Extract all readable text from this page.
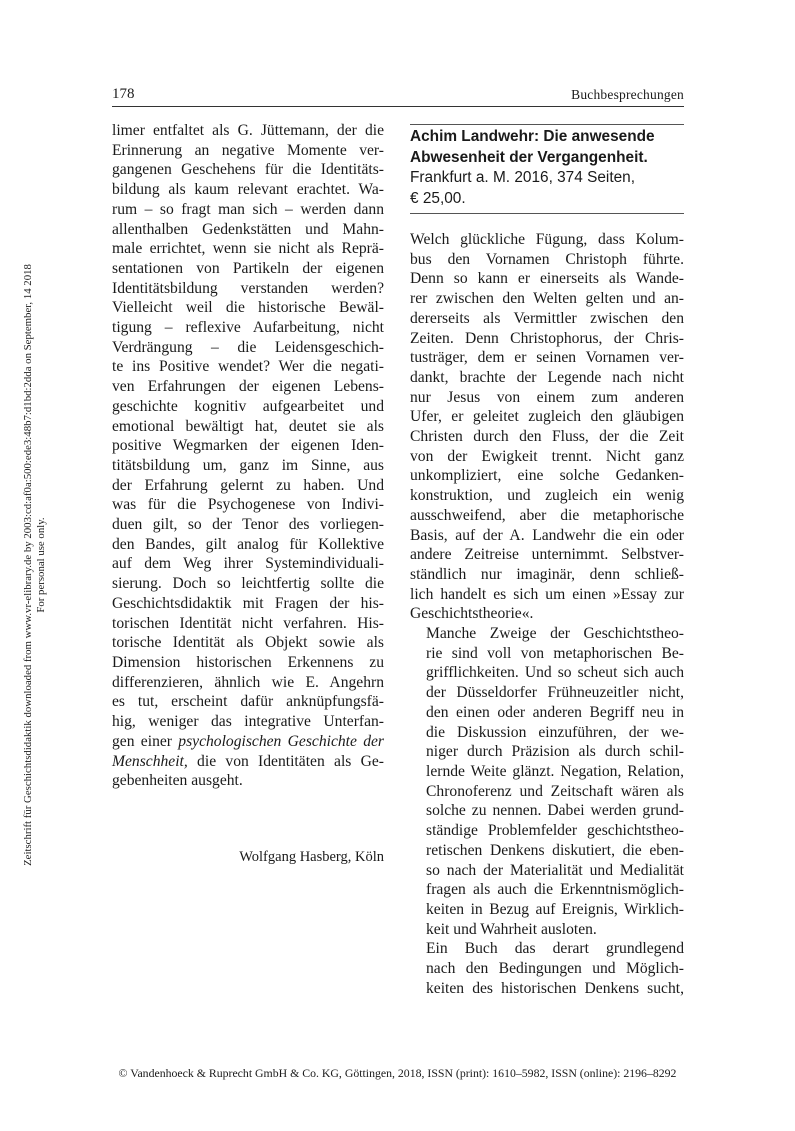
178	Buchbesprechungen

limer entfaltet als G. Jüttemann, der die
Erinnerung an negative Momente ver-
gangenen Geschehens für die Identitäts-
bildung als kaum relevant erachtet. Wa-
rum – so fragt man sich – werden dann
allenthalben Gedenkstätten und Mahn-
male errichtet, wenn sie nicht als Reprä-
sentationen von Partikeln der eigenen
Identitätsbildung verstanden werden?
Vielleicht weil die historische Bewäl-
tigung – reflexive Aufarbeitung, nicht
Verdrängung – die Leidensgeschich-
te ins Positive wendet? Wer die negati-
ven Erfahrungen der eigenen Lebens-
geschichte kognitiv aufgearbeitet und
emotional bewältigt hat, deutet sie als
positive Wegmarken der eigenen Iden-
titätsbildung um, ganz im Sinne, aus
der Erfahrung gelernt zu haben. Und
was für die Psychogenese von Indivi-
duen gilt, so der Tenor des vorliegen-
den Bandes, gilt analog für Kollektive
auf dem Weg ihrer Systemindividuali-
sierung. Doch so leichtfertig sollte die
Geschichtsdidaktik mit Fragen der his-
torischen Identität nicht verfahren. His-
torische Identität als Objekt sowie als
Dimension historischen Erkennens zu
differenzieren, ähnlich wie E. Angehrn
es tut, erscheint dafür anknüpfungsfä-
hig, weniger das integrative Unterfan-
gen einer psychologischen Geschichte der
Menschheit, die von Identitäten als Ge-
gebenheiten ausgeht.

Wolfgang Hasberg, Köln
Achim Landwehr: Die anwesende
Abwesenheit der Vergangenheit.
Frankfurt a. M. 2016, 374 Seiten,
€ 25,00.

Welch glückliche Fügung, dass Kolum-
bus den Vornamen Christoph führte.
Denn so kann er einerseits als Wande-
rer zwischen den Welten gelten und an-
dererseits als Vermittler zwischen den
Zeiten. Denn Christophorus, der Chris-
tusträger, dem er seinen Vornamen ver-
dankt, brachte der Legende nach nicht
nur Jesus von einem zum anderen
Ufer, er geleitet zugleich den gläubigen
Christen durch den Fluss, der die Zeit
von der Ewigkeit trennt. Nicht ganz
unkompliziert, eine solche Gedanken-
konstruktion, und zugleich ein wenig
ausschweifend, aber die metaphorische
Basis, auf der A. Landwehr die ein oder
andere Zeitreise unternimmt. Selbstver-
ständlich nur imaginär, denn schließ-
lich handelt es sich um einen »Essay zur
Geschichtstheorie«.

Manche Zweige der Geschichtstheo-
rie sind voll von metaphorischen Be-
grifflichkeiten. Und so scheut sich auch
der Düsseldorfer Frühneuzeitler nicht,
den einen oder anderen Begriff neu in
die Diskussion einzuführen, der we-
niger durch Präzision als durch schil-
lernde Weite glänzt. Negation, Relation,
Chronoferenz und Zeitschaft wären als
solche zu nennen. Dabei werden grund-
ständige Problemfelder geschichtstheo-
retischen Denkens diskutiert, die eben-
so nach der Materialität und Medialität
fragen als auch die Erkenntnismöglich-
keiten in Bezug auf Ereignis, Wirklich-
keit und Wahrheit ausloten.

Ein Buch das derart grundlegend
nach den Bedingungen und Möglich-
keiten des historischen Denkens sucht,

Zeitschrift für Geschichtsdidaktik downloaded from www.vr-elibrary.de by 2003:cd:af0a:500:ede3:48b7:d1bd:2dda on September, 14 2018 For personal use only.
© Vandenhoeck & Ruprecht GmbH & Co. KG, Göttingen, 2018, ISSN (print): 1610–5982, ISSN (online): 2196–8292
